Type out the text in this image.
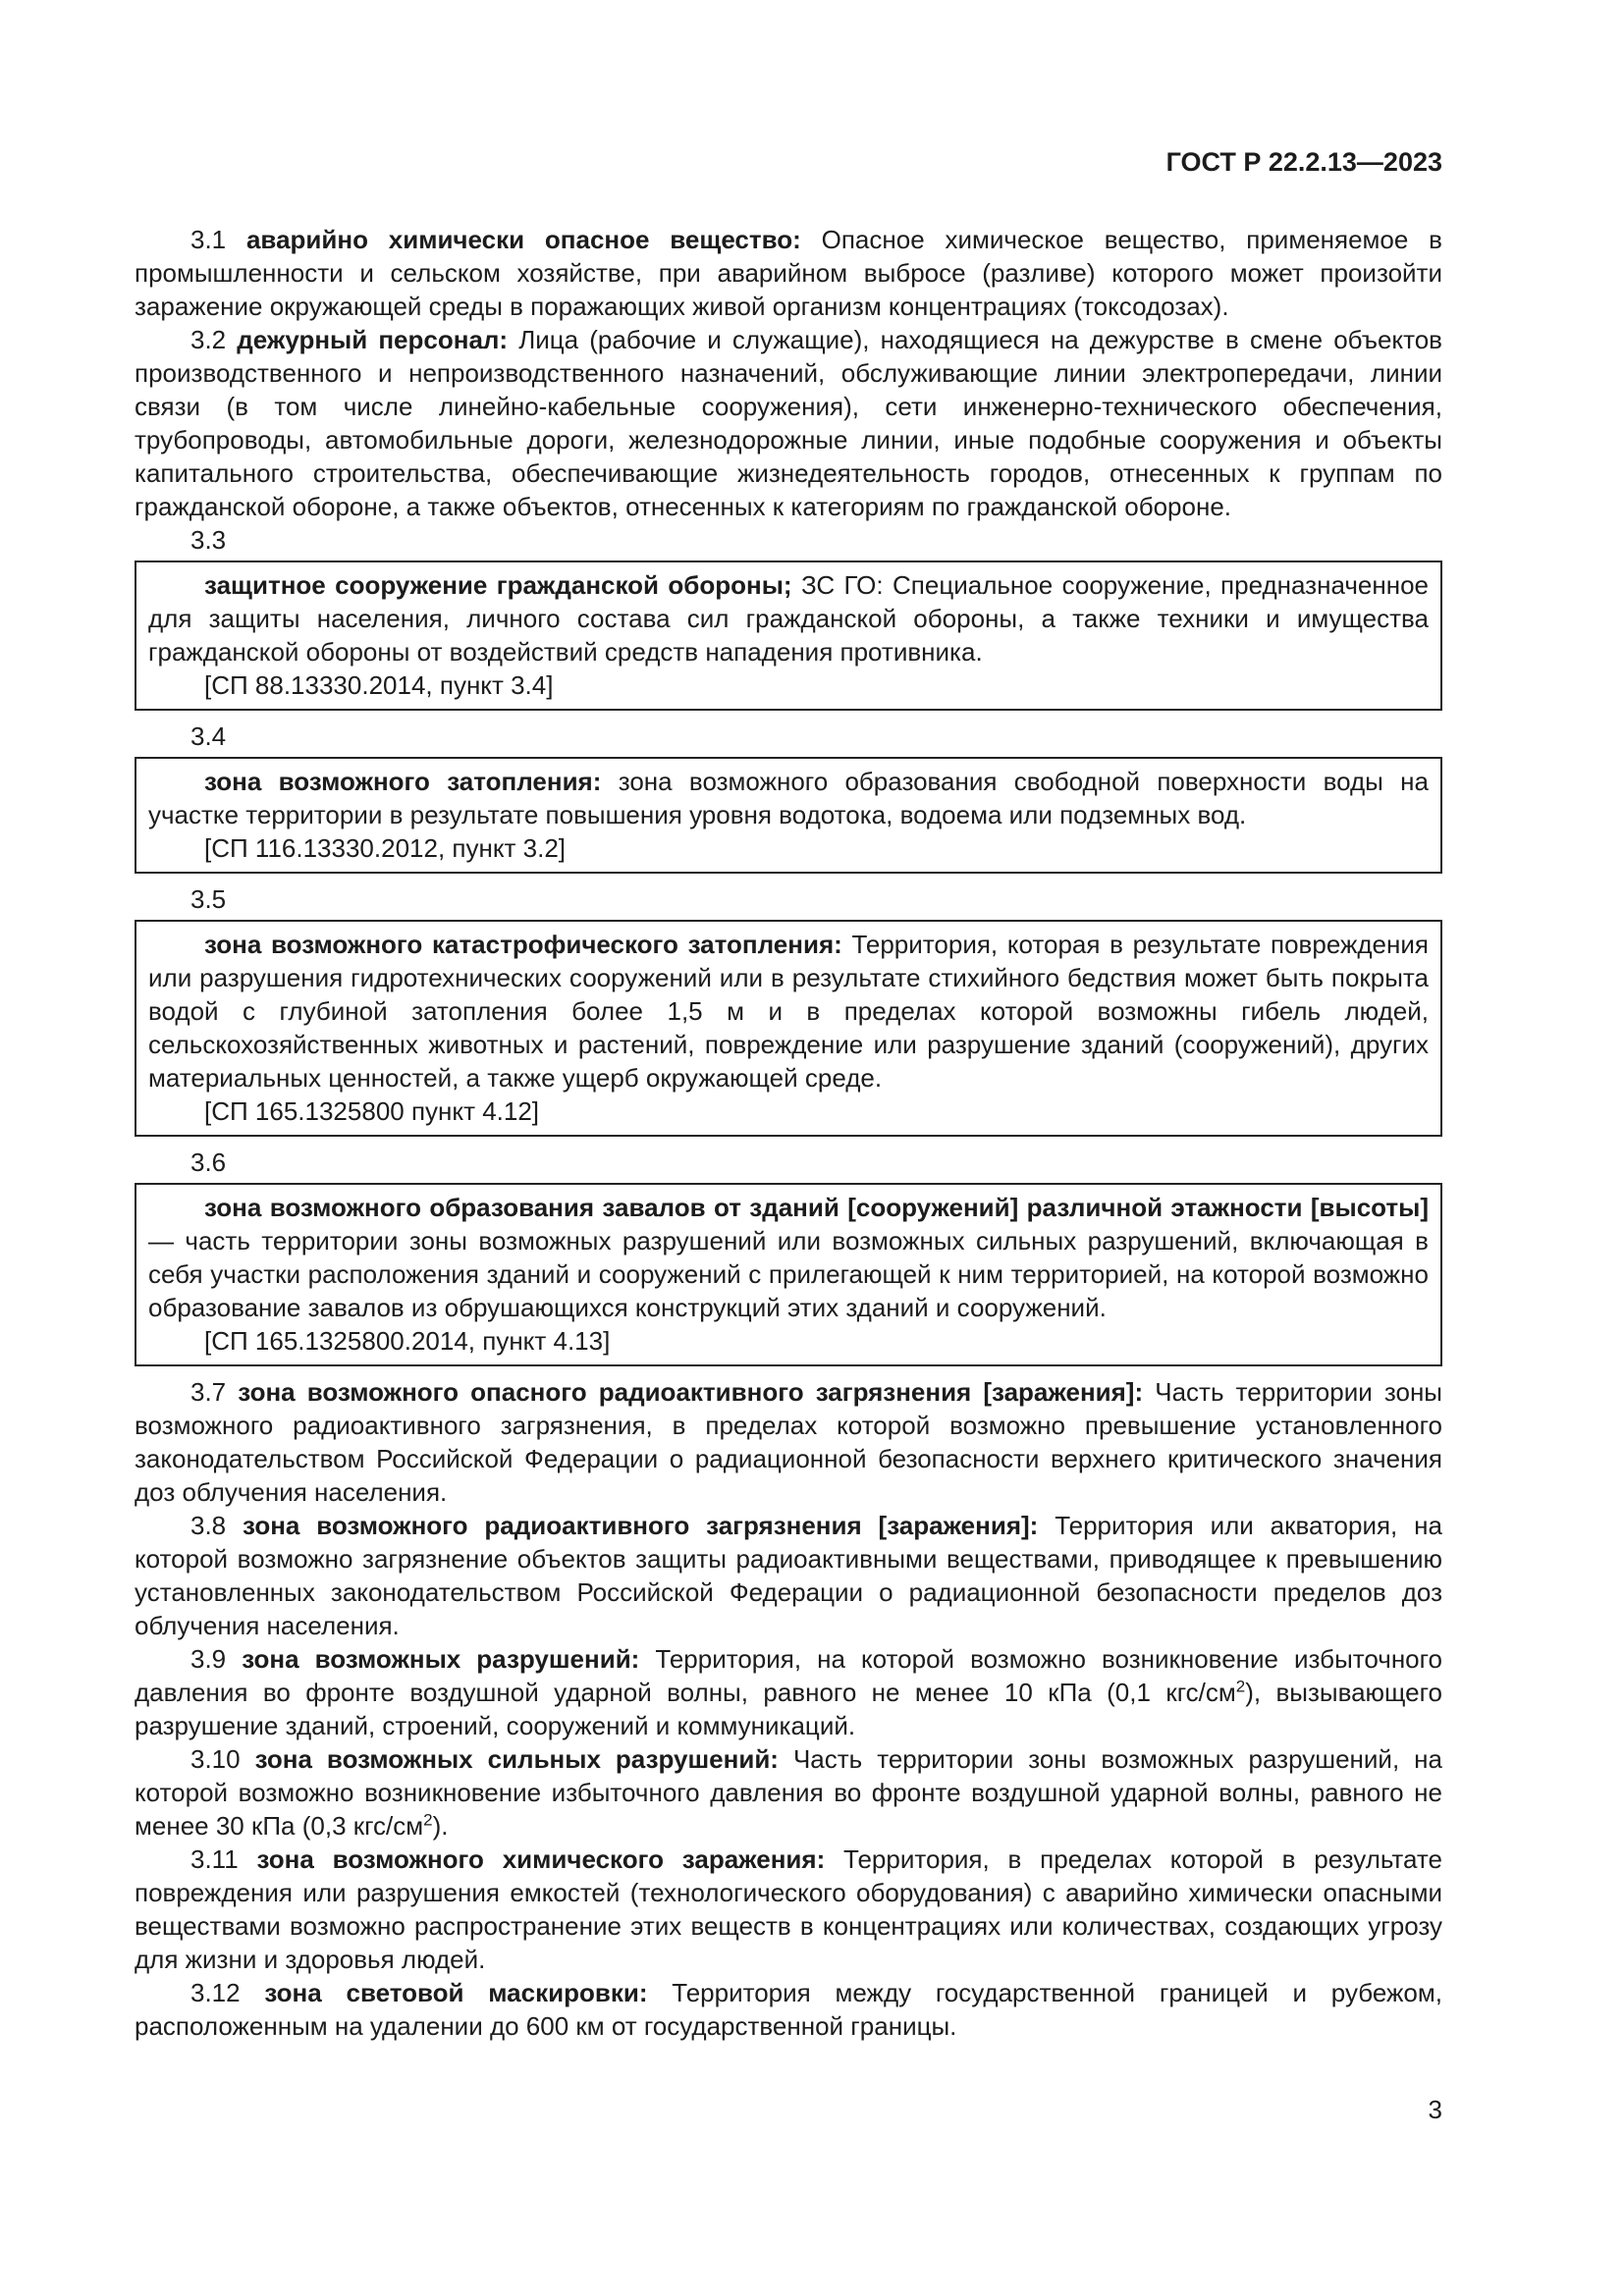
ГОСТ Р 22.2.13—2023

3.1 аварийно химически опасное вещество: Опасное химическое вещество, применяемое в промышленности и сельском хозяйстве, при аварийном выбросе (разливе) которого может произойти заражение окружающей среды в поражающих живой организм концентрациях (токсодозах).

3.2 дежурный персонал: Лица (рабочие и служащие), находящиеся на дежурстве в смене объектов производственного и непроизводственного назначений, обслуживающие линии электропередачи, линии связи (в том числе линейно-кабельные сооружения), сети инженерно-технического обеспечения, трубопроводы, автомобильные дороги, железнодорожные линии, иные подобные сооружения и объекты капитального строительства, обеспечивающие жизнедеятельность городов, отнесенных к группам по гражданской обороне, а также объектов, отнесенных к категориям по гражданской обороне.

3.3

защитное сооружение гражданской обороны; ЗС ГО: Специальное сооружение, предназначенное для защиты населения, личного состава сил гражданской обороны, а также техники и имущества гражданской обороны от воздействий средств нападения противника.

[СП 88.13330.2014, пункт 3.4]

3.4

зона возможного затопления: зона возможного образования свободной поверхности воды на участке территории в результате повышения уровня водотока, водоема или подземных вод.

[СП 116.13330.2012, пункт 3.2]

3.5

зона возможного катастрофического затопления: Территория, которая в результате повреждения или разрушения гидротехнических сооружений или в результате стихийного бедствия может быть покрыта водой с глубиной затопления более 1,5 м и в пределах которой возможны гибель людей, сельскохозяйственных животных и растений, повреждение или разрушение зданий (сооружений), других материальных ценностей, а также ущерб окружающей среде.

[СП 165.1325800 пункт 4.12]

3.6

зона возможного образования завалов от зданий [сооружений] различной этажности [высоты] — часть территории зоны возможных разрушений или возможных сильных разрушений, включающая в себя участки расположения зданий и сооружений с прилегающей к ним территорией, на которой возможно образование завалов из обрушающихся конструкций этих зданий и сооружений.

[СП 165.1325800.2014, пункт 4.13]

3.7 зона возможного опасного радиоактивного загрязнения [заражения]: Часть территории зоны возможного радиоактивного загрязнения, в пределах которой возможно превышение установленного законодательством Российской Федерации о радиационной безопасности верхнего критического значения доз облучения населения.

3.8 зона возможного радиоактивного загрязнения [заражения]: Территория или акватория, на которой возможно загрязнение объектов защиты радиоактивными веществами, приводящее к превышению установленных законодательством Российской Федерации о радиационной безопасности пределов доз облучения населения.

3.9 зона возможных разрушений: Территория, на которой возможно возникновение избыточного давления во фронте воздушной ударной волны, равного не менее 10 кПа (0,1 кгс/$см^2$), вызывающего разрушение зданий, строений, сооружений и коммуникаций.

3.10 зона возможных сильных разрушений: Часть территории зоны возможных разрушений, на которой возможно возникновение избыточного давления во фронте воздушной ударной волны, равного не менее 30 кПа (0,3 кгс/$см^2$).

3.11 зона возможного химического заражения: Территория, в пределах которой в результате повреждения или разрушения емкостей (технологического оборудования) с аварийно химически опасными веществами возможно распространение этих веществ в концентрациях или количествах, создающих угрозу для жизни и здоровья людей.

3.12 зона световой маскировки: Территория между государственной границей и рубежом, расположенным на удалении до 600 км от государственной границы.

3
